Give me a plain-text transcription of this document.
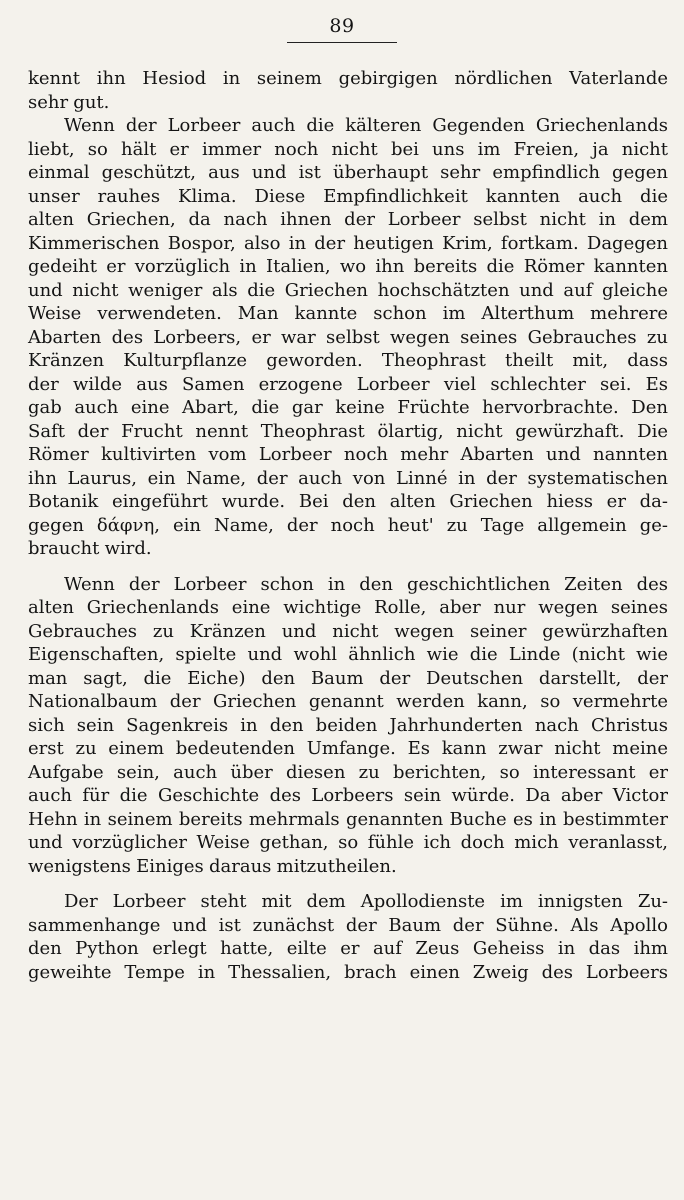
89
kennt ihn Hesiod in seinem gebirgigen nördlichen Vaterlande
sehr gut.
Wenn der Lorbeer auch die kälteren Gegenden Griechenlands
liebt, so hält er immer noch nicht bei uns im Freien, ja nicht
einmal geschützt, aus und ist überhaupt sehr empfindlich gegen
unser rauhes Klima. Diese Empfindlichkeit kannten auch die
alten Griechen, da nach ihnen der Lorbeer selbst nicht in dem
Kimmerischen Bospor, also in der heutigen Krim, fortkam. Dagegen
gedeiht er vorzüglich in Italien, wo ihn bereits die Römer kannten
und nicht weniger als die Griechen hochschätzten und auf gleiche
Weise verwendeten. Man kannte schon im Alterthum mehrere
Abarten des Lorbeers, er war selbst wegen seines Gebrauches zu
Kränzen Kulturpflanze geworden. Theophrast theilt mit, dass
der wilde aus Samen erzogene Lorbeer viel schlechter sei. Es
gab auch eine Abart, die gar keine Früchte hervorbrachte. Den
Saft der Frucht nennt Theophrast ölartig, nicht gewürzhaft. Die
Römer kultivirten vom Lorbeer noch mehr Abarten und nannten
ihn Laurus, ein Name, der auch von Linné in der systematischen
Botanik eingeführt wurde. Bei den alten Griechen hiess er da-
gegen δάφνη, ein Name, der noch heut' zu Tage allgemein ge-
braucht wird.
Wenn der Lorbeer schon in den geschichtlichen Zeiten des
alten Griechenlands eine wichtige Rolle, aber nur wegen seines
Gebrauches zu Kränzen und nicht wegen seiner gewürzhaften
Eigenschaften, spielte und wohl ähnlich wie die Linde (nicht wie
man sagt, die Eiche) den Baum der Deutschen darstellt, der
Nationalbaum der Griechen genannt werden kann, so vermehrte
sich sein Sagenkreis in den beiden Jahrhunderten nach Christus
erst zu einem bedeutenden Umfange. Es kann zwar nicht meine
Aufgabe sein, auch über diesen zu berichten, so interessant er
auch für die Geschichte des Lorbeers sein würde. Da aber Victor
Hehn in seinem bereits mehrmals genannten Buche es in bestimmter
und vorzüglicher Weise gethan, so fühle ich doch mich veranlasst,
wenigstens Einiges daraus mitzutheilen.
Der Lorbeer steht mit dem Apollodienste im innigsten Zu-
sammenhange und ist zunächst der Baum der Sühne. Als Apollo
den Python erlegt hatte, eilte er auf Zeus Geheiss in das ihm
geweihte Tempe in Thessalien, brach einen Zweig des Lorbeers
